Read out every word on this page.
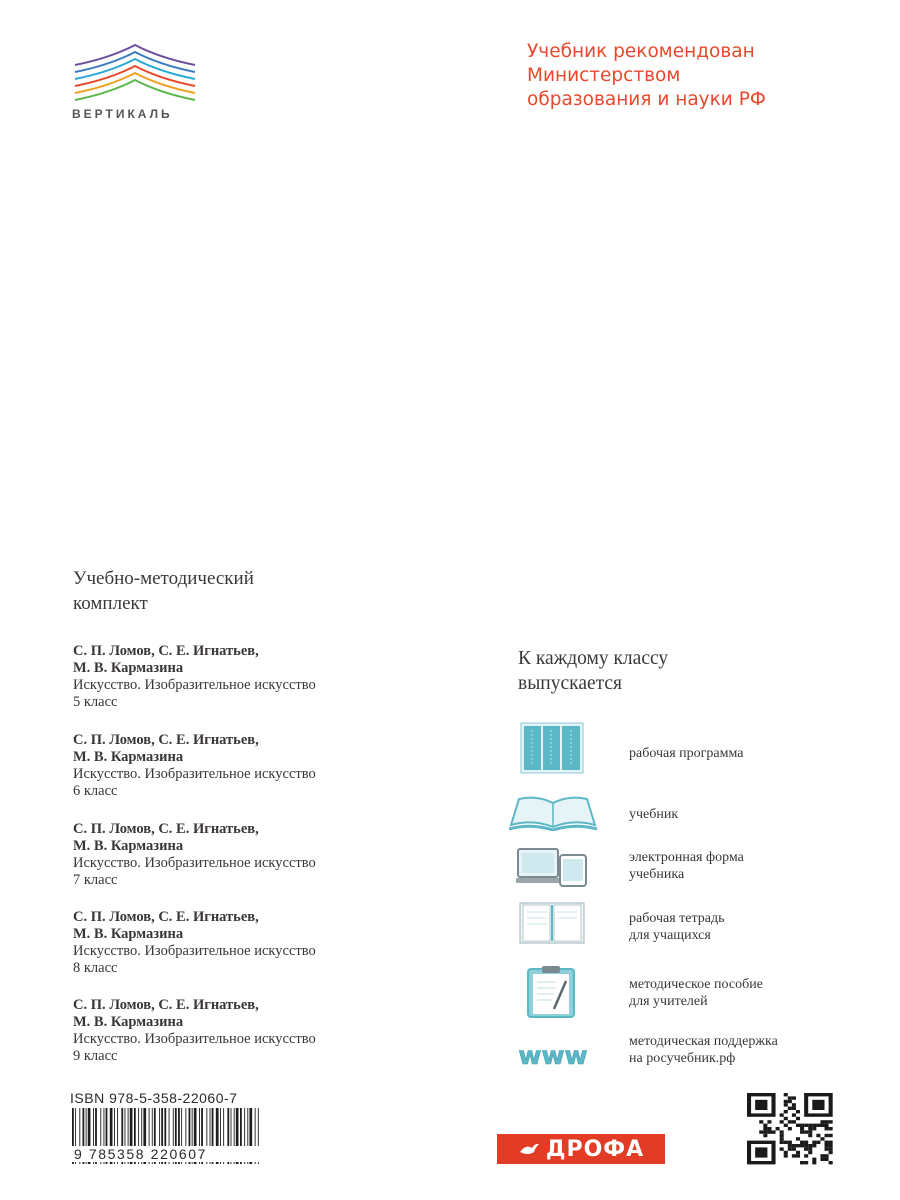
ВЕРТИКАЛЬ
Учебник рекомендован
Министерством
образования и науки РФ
Учебно-методический
комплект
С. П. Ломов, С. Е. Игнатьев,
М. В. Кармазина
Искусство. Изобразительное искусство
5 класс
С. П. Ломов, С. Е. Игнатьев,
М. В. Кармазина
Искусство. Изобразительное искусство
6 класс
С. П. Ломов, С. Е. Игнатьев,
М. В. Кармазина
Искусство. Изобразительное искусство
7 класс
С. П. Ломов, С. Е. Игнатьев,
М. В. Кармазина
Искусство. Изобразительное искусство
8 класс
С. П. Ломов, С. Е. Игнатьев,
М. В. Кармазина
Искусство. Изобразительное искусство
9 класс
К каждому классу
выпускается
www
рабочая программа
учебник
электронная форма
учебника
рабочая тетрадь
для учащихся
методическое пособие
для учителей
методическая поддержка
на росучебник.рф
ISBN 978-5-358-22060-7
9 785358 220607	ДРОФА
